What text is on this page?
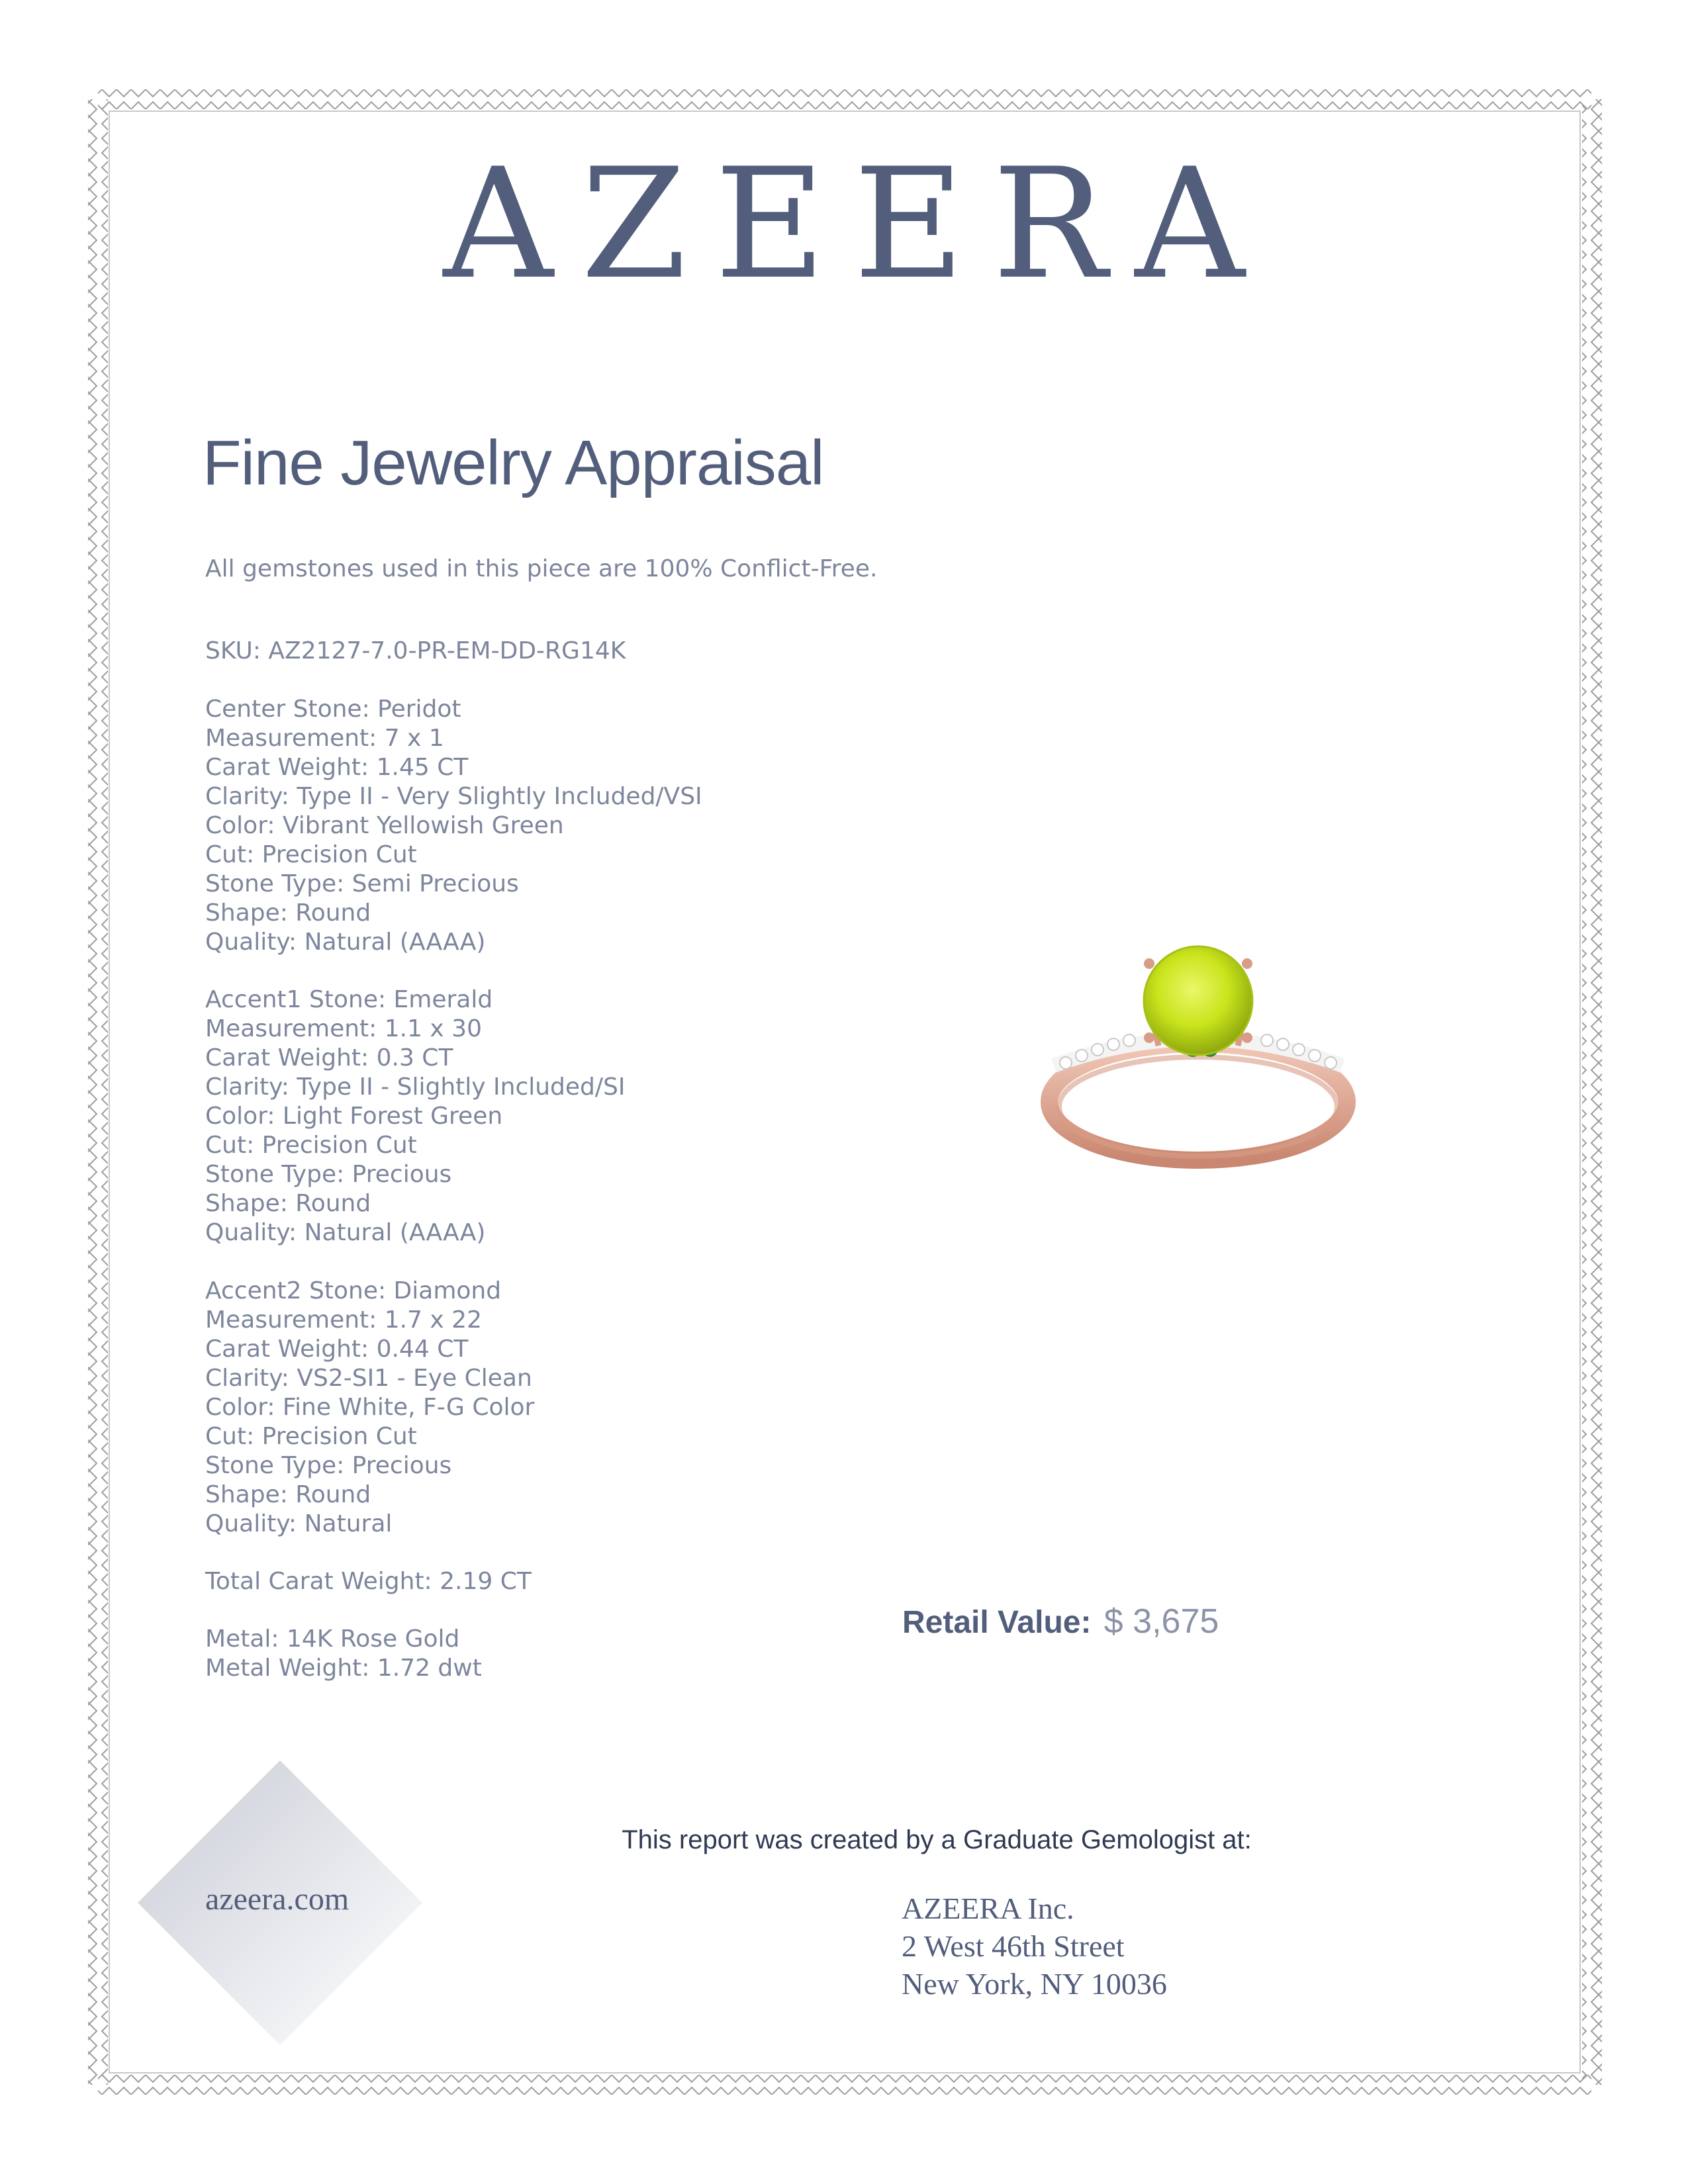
AZEERA
Fine Jewelry Appraisal
All gemstones used in this piece are 100% Conflict-Free.
SKU: AZ2127-7.0-PR-EM-DD-RG14K
Center Stone: Peridot
Measurement: 7 x 1
Carat Weight: 1.45 CT
Clarity: Type II - Very Slightly Included/VSI
Color: Vibrant Yellowish Green
Cut: Precision Cut
Stone Type: Semi Precious
Shape: Round
Quality: Natural (AAAA)
Accent1 Stone: Emerald
Measurement: 1.1 x 30
Carat Weight: 0.3 CT
Clarity: Type II - Slightly Included/SI
Color: Light Forest Green
Cut: Precision Cut
Stone Type: Precious
Shape: Round
Quality: Natural (AAAA)
Accent2 Stone: Diamond
Measurement: 1.7 x 22
Carat Weight: 0.44 CT
Clarity: VS2-SI1 - Eye Clean
Color: Fine White, F-G Color
Cut: Precision Cut
Stone Type: Precious
Shape: Round
Quality: Natural
Total Carat Weight: 2.19 CT
Metal: 14K Rose Gold
Metal Weight: 1.72 dwt
Retail Value: $ 3,675
azeera.com
This report was created by a Graduate Gemologist at:
AZEERA Inc.
2 West 46th Street
New York, NY 10036
